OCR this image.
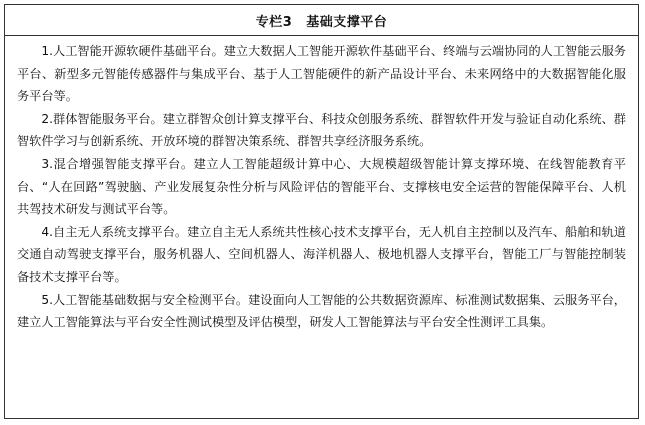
专栏3 基础支撑平台

1.人工智能开源软硬件基础平台。建立大数据人工智能开源软件基础平台、终端与云端协同的人工智能云服务平台、新型多元智能传感器件与集成平台、基于人工智能硬件的新产品设计平台、未来网络中的大数据智能化服务平台等。

2.群体智能服务平台。建立群智众创计算支撑平台、科技众创服务系统、群智软件开发与验证自动化系统、群智软件学习与创新系统、开放环境的群智决策系统、群智共享经济服务系统。

3.混合增强智能支撑平台。建立人工智能超级计算中心、大规模超级智能计算支撑环境、在线智能教育平台、“人在回路”驾驶脑、产业发展复杂性分析与风险评估的智能平台、支撑核电安全运营的智能保障平台、人机共驾技术研发与测试平台等。

4.自主无人系统支撑平台。建立自主无人系统共性核心技术支撑平台，无人机自主控制以及汽车、船舶和轨道交通自动驾驶支撑平台，服务机器人、空间机器人、海洋机器人、极地机器人支撑平台，智能工厂与智能控制装备技术支撑平台等。

5.人工智能基础数据与安全检测平台。建设面向人工智能的公共数据资源库、标准测试数据集、云服务平台，建立人工智能算法与平台安全性测试模型及评估模型，研发人工智能算法与平台安全性测评工具集。
